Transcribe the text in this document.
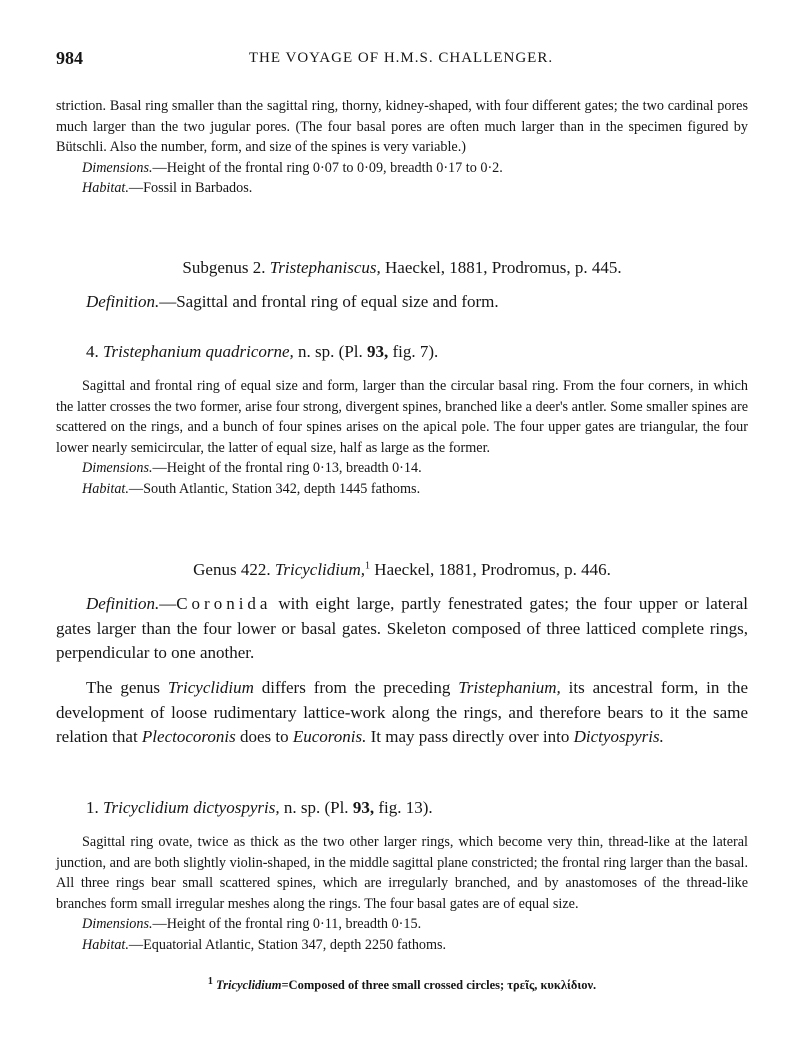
984	THE VOYAGE OF H.M.S. CHALLENGER.
striction. Basal ring smaller than the sagittal ring, thorny, kidney-shaped, with four different gates; the two cardinal pores much larger than the two jugular pores. (The four basal pores are often much larger than in the specimen figured by Bütschli. Also the number, form, and size of the spines is very variable.)
Dimensions.—Height of the frontal ring 0·07 to 0·09, breadth 0·17 to 0·2.
Habitat.—Fossil in Barbados.
Subgenus 2. Tristephaniscus, Haeckel, 1881, Prodromus, p. 445.
Definition.—Sagittal and frontal ring of equal size and form.
4. Tristephanium quadricorne, n. sp. (Pl. 93, fig. 7).
Sagittal and frontal ring of equal size and form, larger than the circular basal ring. From the four corners, in which the latter crosses the two former, arise four strong, divergent spines, branched like a deer's antler. Some smaller spines are scattered on the rings, and a bunch of four spines arises on the apical pole. The four upper gates are triangular, the four lower nearly semicircular, the latter of equal size, half as large as the former.
Dimensions.—Height of the frontal ring 0·13, breadth 0·14.
Habitat.—South Atlantic, Station 342, depth 1445 fathoms.
Genus 422. Tricyclidium,$^1$ Haeckel, 1881, Prodromus, p. 446.
Definition.—Coronida with eight large, partly fenestrated gates; the four upper or lateral gates larger than the four lower or basal gates. Skeleton composed of three latticed complete rings, perpendicular to one another.
The genus Tricyclidium differs from the preceding Tristephanium, its ancestral form, in the development of loose rudimentary lattice-work along the rings, and therefore bears to it the same relation that Plectocoronis does to Eucoronis. It may pass directly over into Dictyospyris.
1. Tricyclidium dictyospyris, n. sp. (Pl. 93, fig. 13).
Sagittal ring ovate, twice as thick as the two other larger rings, which become very thin, thread-like at the lateral junction, and are both slightly violin-shaped, in the middle sagittal plane constricted; the frontal ring larger than the basal. All three rings bear small scattered spines, which are irregularly branched, and by anastomoses of the thread-like branches form small irregular meshes along the rings. The four basal gates are of equal size.
Dimensions.—Height of the frontal ring 0·11, breadth 0·15.
Habitat.—Equatorial Atlantic, Station 347, depth 2250 fathoms.
$^1$ Tricyclidium=Composed of three small crossed circles; τρεῖς, κυκλίδιον.
